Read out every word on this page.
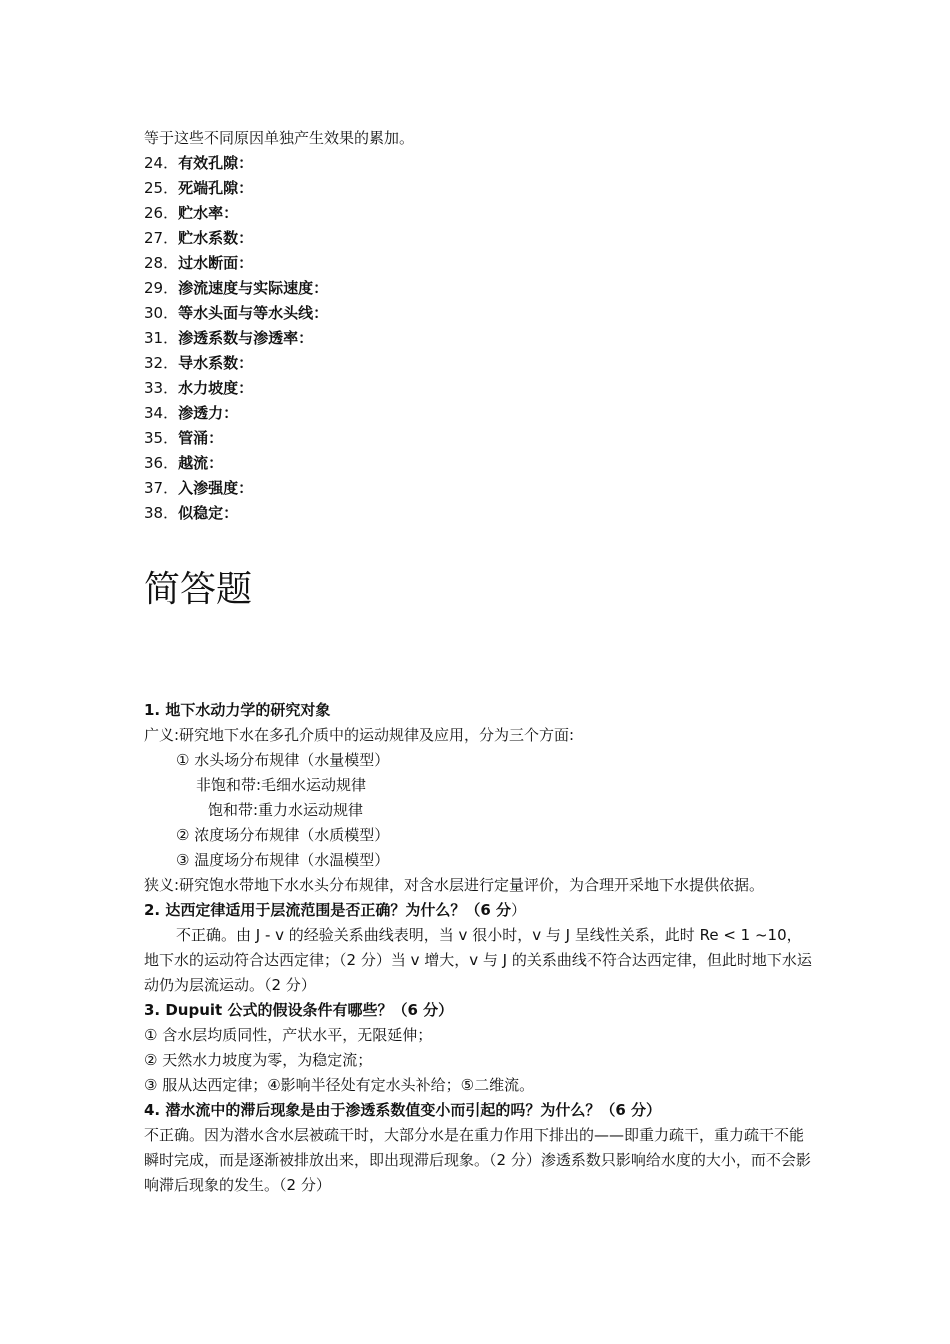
等于这些不同原因单独产生效果的累加。
24．有效孔隙：
25．死端孔隙：
26．贮水率：
27．贮水系数：
28．过水断面：
29．渗流速度与实际速度：
30．等水头面与等水头线：
31．渗透系数与渗透率：
32．导水系数：
33．水力坡度：
34．渗透力：
35．管涌：
36．越流：
37．入渗强度：
38．似稳定：
简答题
1. 地下水动力学的研究对象
广义:研究地下水在多孔介质中的运动规律及应用，分为三个方面:
① 水头场分布规律（水量模型）
非饱和带:毛细水运动规律
饱和带:重力水运动规律
② 浓度场分布规律（水质模型）
③ 温度场分布规律（水温模型）
狭义:研究饱水带地下水水头分布规律，对含水层进行定量评价，为合理开采地下水提供依据。
2. 达西定律适用于层流范围是否正确？为什么？（6 分）
不正确。由 J - v 的经验关系曲线表明，当 v 很小时，v 与 J 呈线性关系，此时 Re < 1 ~10，地下水的运动符合达西定律；（2 分）当 v 增大，v 与 J 的关系曲线不符合达西定律，但此时地下水运动仍为层流运动。（2 分）
3. Dupuit 公式的假设条件有哪些？（6 分）
① 含水层均质同性，产状水平，无限延伸；
② 天然水力坡度为零，为稳定流；
③ 服从达西定律；④影响半径处有定水头补给；⑤二维流。
4. 潜水流中的滞后现象是由于渗透系数值变小而引起的吗？为什么？（6 分）
不正确。因为潜水含水层被疏干时，大部分水是在重力作用下排出的——即重力疏干，重力疏干不能瞬时完成，而是逐渐被排放出来，即出现滞后现象。（2 分）渗透系数只影响给水度的大小，而不会影响滞后现象的发生。（2 分）
